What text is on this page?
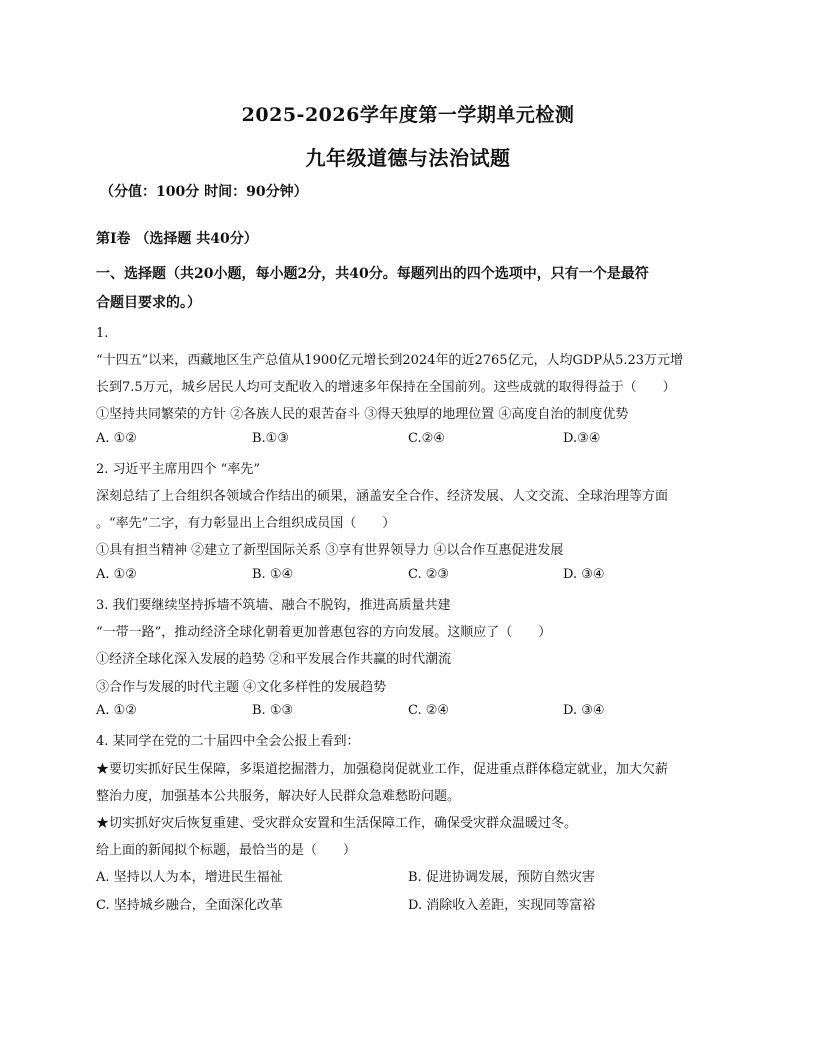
2025-2026学年度第一学期单元检测
九年级道德与法治试题
（分值：100分 时间：90分钟）
第Ⅰ卷 （选择题 共40分）
一、选择题（共20小题，每小题2分，共40分。每题列出的四个选项中，只有一个是最符
合题目要求的。）
1.
“十四五”以来，西藏地区生产总值从1900亿元增长到2024年的近2765亿元，人均GDP从5.23万元增
长到7.5万元，城乡居民人均可支配收入的增速多年保持在全国前列。这些成就的取得得益于（　　）
①坚持共同繁荣的方针 ②各族人民的艰苦奋斗 ③得天独厚的地理位置 ④高度自治的制度优势
A. ①②	B.①③	C.②④	D.③④
2. 习近平主席用四个 “率先”
深刻总结了上合组织各领域合作结出的硕果，涵盖安全合作、经济发展、人文交流、全球治理等方面
。“率先”二字，有力彰显出上合组织成员国（　　）
①具有担当精神 ②建立了新型国际关系 ③享有世界领导力 ④以合作互惠促进发展
A. ①②	B. ①④	C. ②③	D. ③④
3. 我们要继续坚持拆墙不筑墙、融合不脱钩，推进高质量共建
“一带一路”，推动经济全球化朝着更加普惠包容的方向发展。这顺应了（　　）
①经济全球化深入发展的趋势 ②和平发展合作共赢的时代潮流
③合作与发展的时代主题 ④文化多样性的发展趋势
A. ①②	B. ①③	C. ②④	D. ③④
4. 某同学在党的二十届四中全会公报上看到：
★要切实抓好民生保障，多渠道挖掘潜力，加强稳岗促就业工作，促进重点群体稳定就业，加大欠薪
整治力度，加强基本公共服务，解决好人民群众急难愁盼问题。
★切实抓好灾后恢复重建、受灾群众安置和生活保障工作，确保受灾群众温暖过冬。
给上面的新闻拟个标题，最恰当的是（　　）
A. 坚持以人为本，增进民生福祉	B. 促进协调发展，预防自然灾害
C. 坚持城乡融合，全面深化改革	D. 消除收入差距，实现同等富裕
